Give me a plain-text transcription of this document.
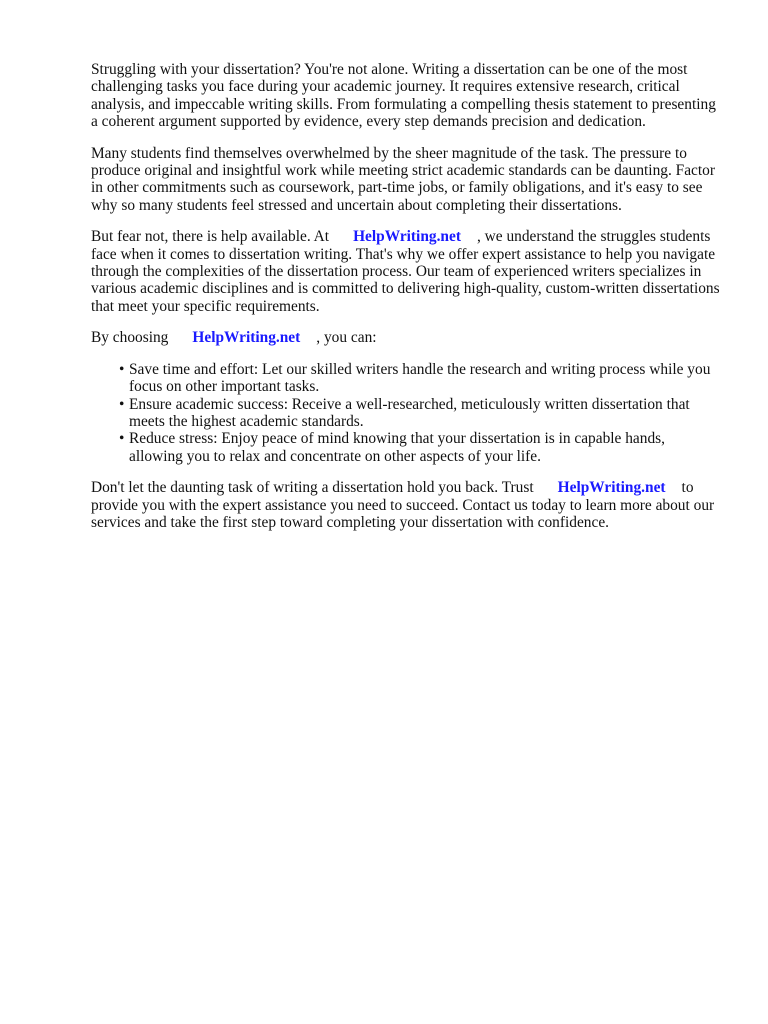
Struggling with your dissertation? You're not alone. Writing a dissertation can be one of the most challenging tasks you face during your academic journey. It requires extensive research, critical analysis, and impeccable writing skills. From formulating a compelling thesis statement to presenting a coherent argument supported by evidence, every step demands precision and dedication.

Many students find themselves overwhelmed by the sheer magnitude of the task. The pressure to produce original and insightful work while meeting strict academic standards can be daunting. Factor in other commitments such as coursework, part-time jobs, or family obligations, and it's easy to see why so many students feel stressed and uncertain about completing their dissertations.

But fear not, there is help available. At HelpWriting.net , we understand the struggles students face when it comes to dissertation writing. That's why we offer expert assistance to help you navigate through the complexities of the dissertation process. Our team of experienced writers specializes in various academic disciplines and is committed to delivering high-quality, custom-written dissertations that meet your specific requirements.

By choosing HelpWriting.net , you can:

• Save time and effort: Let our skilled writers handle the research and writing process while you focus on other important tasks.
• Ensure academic success: Receive a well-researched, meticulously written dissertation that meets the highest academic standards.
• Reduce stress: Enjoy peace of mind knowing that your dissertation is in capable hands, allowing you to relax and concentrate on other aspects of your life.

Don't let the daunting task of writing a dissertation hold you back. Trust HelpWriting.net to provide you with the expert assistance you need to succeed. Contact us today to learn more about our services and take the first step toward completing your dissertation with confidence.
